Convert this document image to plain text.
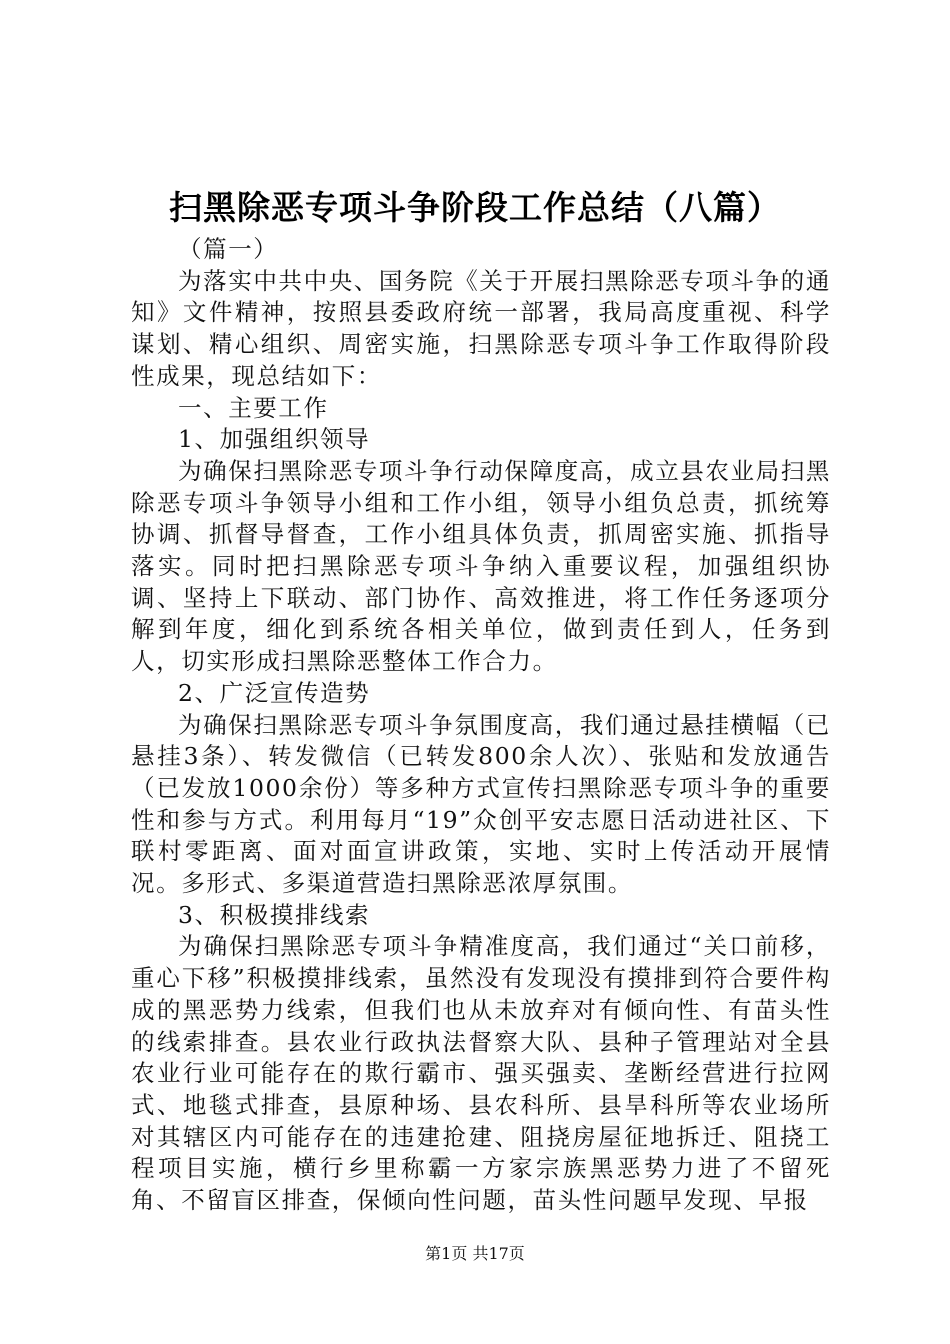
扫黑除恶专项斗争阶段工作总结（八篇）

（篇一）

为落实中共中央、国务院《关于开展扫黑除恶专项斗争的通知》文件精神，按照县委政府统一部署，我局高度重视、科学谋划、精心组织、周密实施，扫黑除恶专项斗争工作取得阶段性成果，现总结如下：

一、主要工作

1、加强组织领导

为确保扫黑除恶专项斗争行动保障度高，成立县农业局扫黑除恶专项斗争领导小组和工作小组，领导小组负总责，抓统筹协调、抓督导督查，工作小组具体负责，抓周密实施、抓指导落实。同时把扫黑除恶专项斗争纳入重要议程，加强组织协调、坚持上下联动、部门协作、高效推进，将工作任务逐项分解到年度，细化到系统各相关单位，做到责任到人，任务到人，切实形成扫黑除恶整体工作合力。

2、广泛宣传造势

为确保扫黑除恶专项斗争氛围度高，我们通过悬挂横幅（已悬挂3条）、转发微信（已转发800余人次）、张贴和发放通告（已发放1000余份）等多种方式宣传扫黑除恶专项斗争的重要性和参与方式。利用每月“19”众创平安志愿日活动进社区、下联村零距离、面对面宣讲政策，实地、实时上传活动开展情况。多形式、多渠道营造扫黑除恶浓厚氛围。

3、积极摸排线索

为确保扫黑除恶专项斗争精准度高，我们通过“关口前移，重心下移”积极摸排线索，虽然没有发现没有摸排到符合要件构成的黑恶势力线索，但我们也从未放弃对有倾向性、有苗头性的线索排查。县农业行政执法督察大队、县种子管理站对全县农业行业可能存在的欺行霸市、强买强卖、垄断经营进行拉网式、地毯式排查，县原种场、县农科所、县旱科所等农业场所对其辖区内可能存在的违建抢建、阻挠房屋征地拆迁、阻挠工程项目实施，横行乡里称霸一方家宗族黑恶势力进了不留死角、不留盲区排查，保倾向性问题，苗头性问题早发现、早报

第1页 共17页
